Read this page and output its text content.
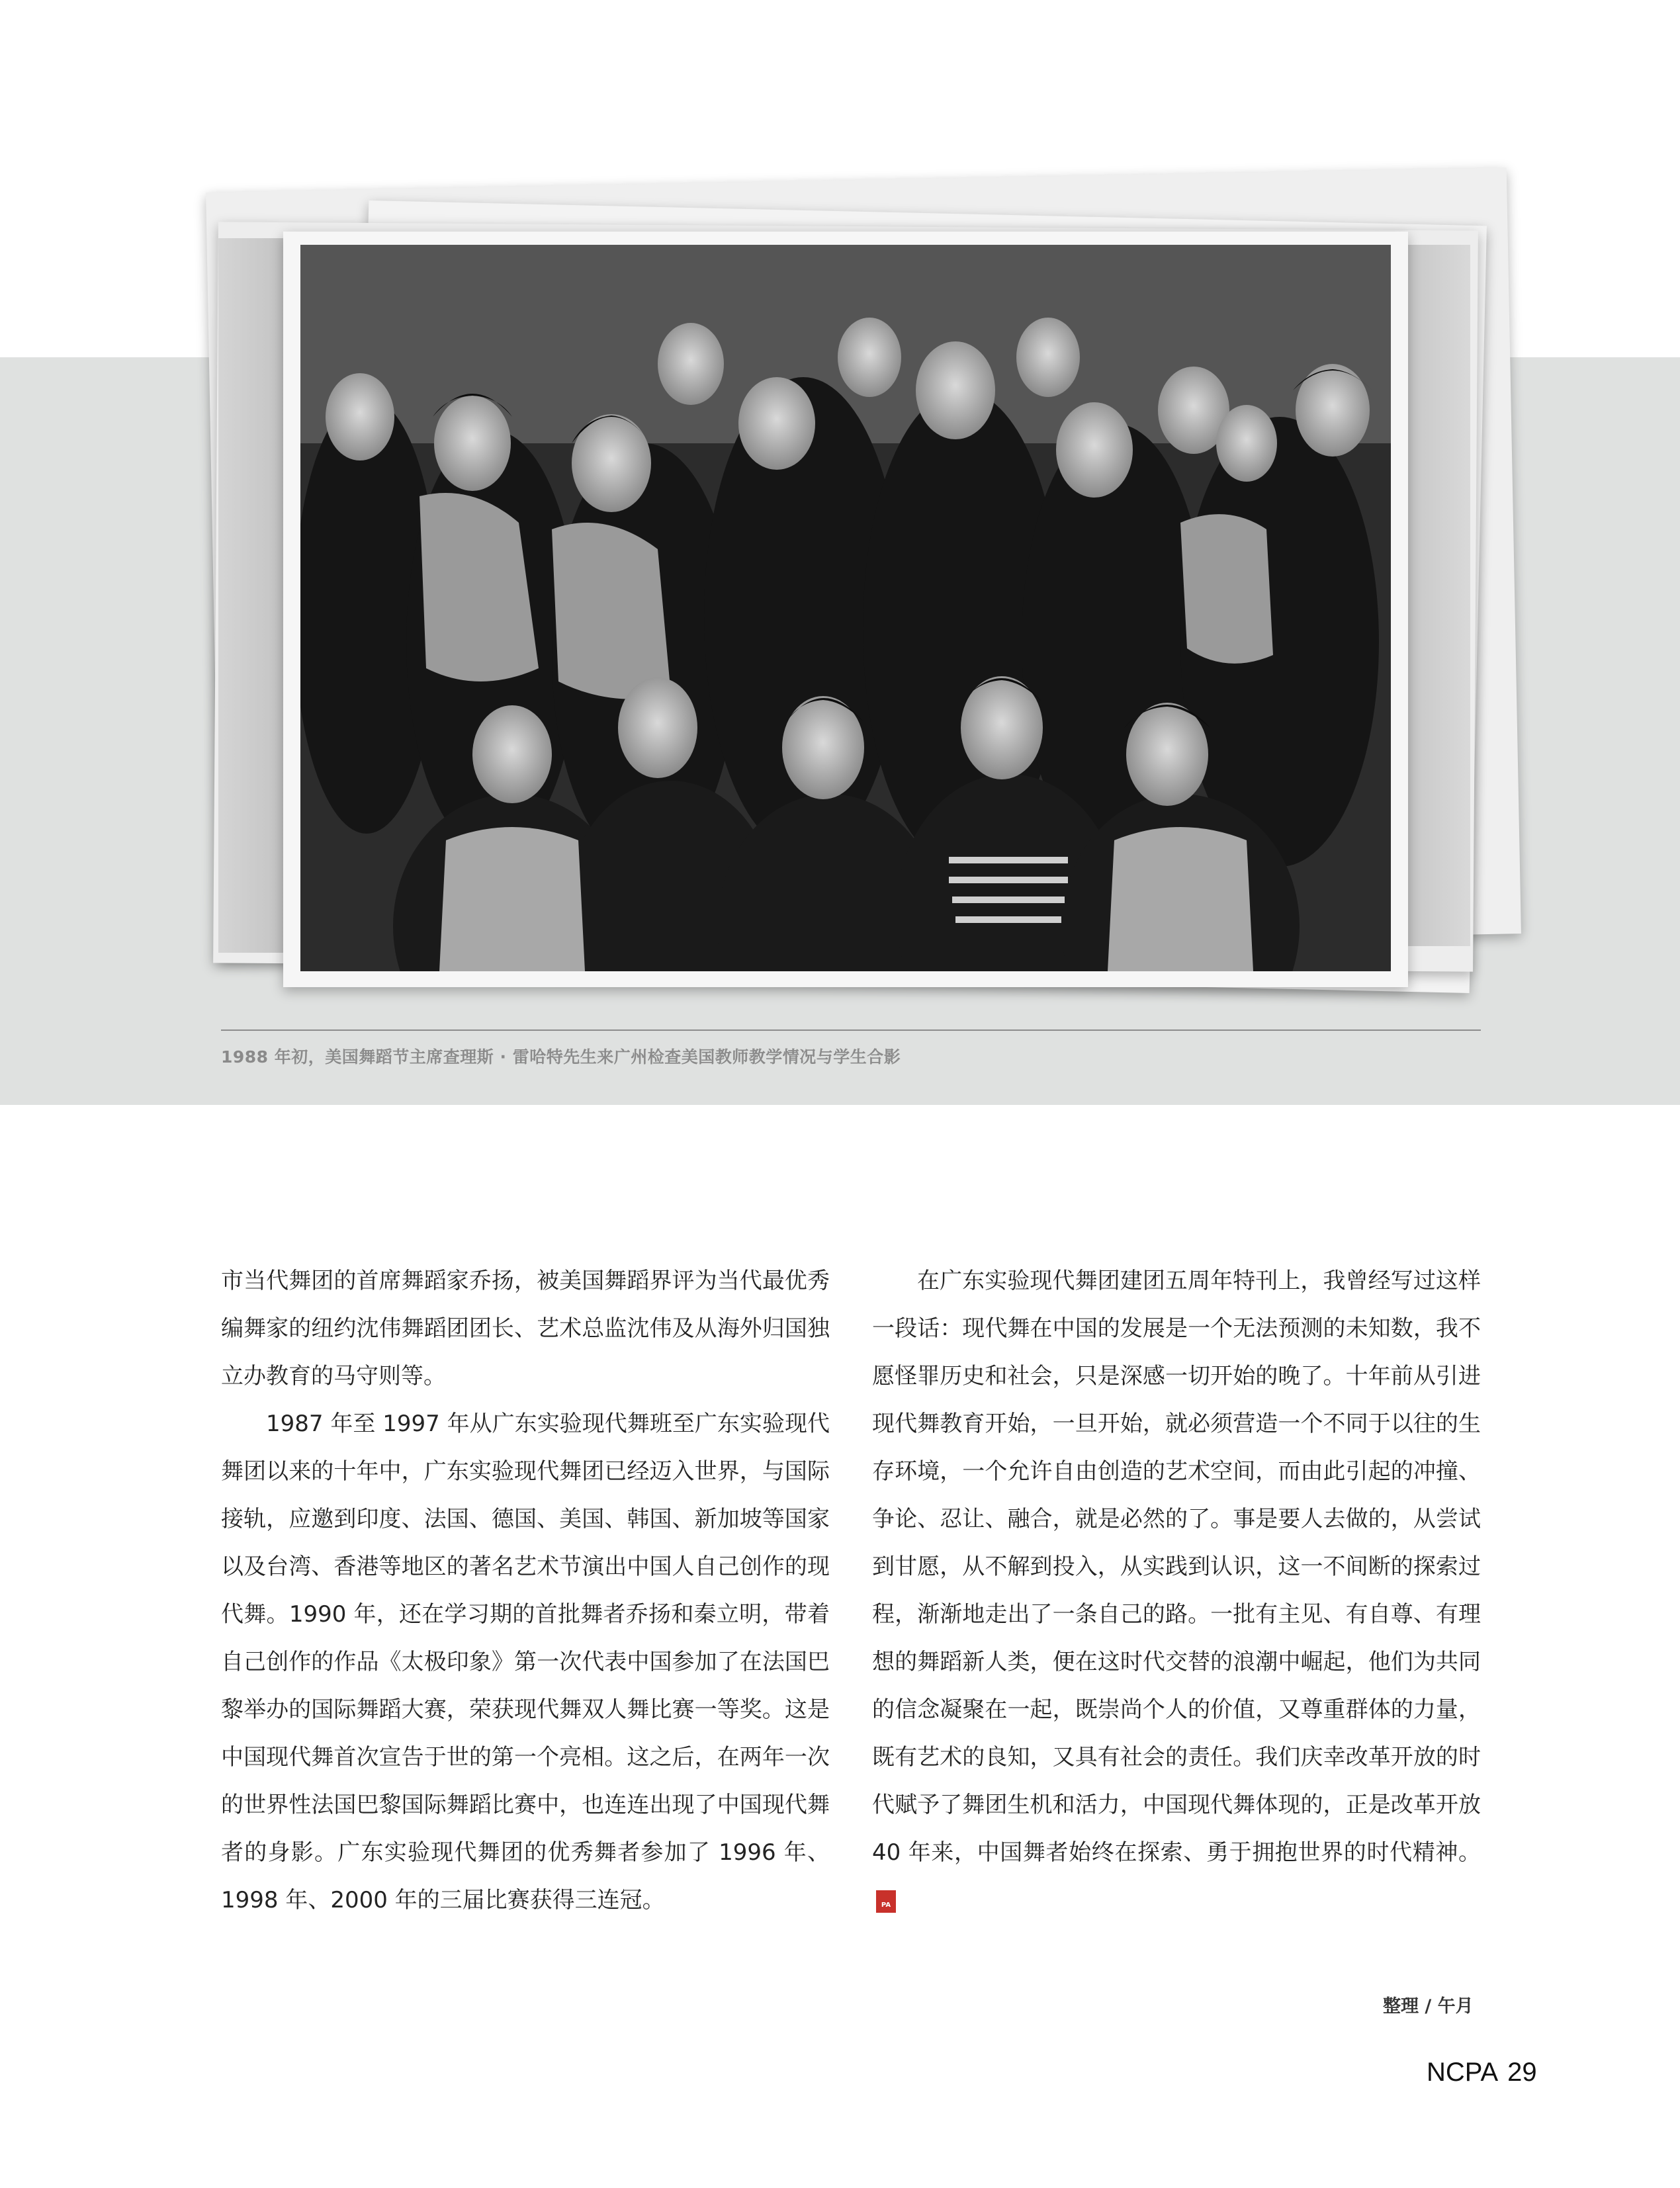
1988 年初，美国舞蹈节主席查理斯 · 雷哈特先生来广州检查美国教师教学情况与学生合影

市当代舞团的首席舞蹈家乔扬，被美国舞蹈界评为当代最优秀编舞家的纽约沈伟舞蹈团团长、艺术总监沈伟及从海外归国独立办教育的马守则等。

1987 年至 1997 年从广东实验现代舞班至广东实验现代舞团以来的十年中，广东实验现代舞团已经迈入世界，与国际接轨，应邀到印度、法国、德国、美国、韩国、新加坡等国家以及台湾、香港等地区的著名艺术节演出中国人自己创作的现代舞。1990 年，还在学习期的首批舞者乔扬和秦立明，带着自己创作的作品《太极印象》第一次代表中国参加了在法国巴黎举办的国际舞蹈大赛，荣获现代舞双人舞比赛一等奖。这是中国现代舞首次宣告于世的第一个亮相。这之后，在两年一次的世界性法国巴黎国际舞蹈比赛中，也连连出现了中国现代舞者的身影。广东实验现代舞团的优秀舞者参加了 1996 年、1998 年、2000 年的三届比赛获得三连冠。

在广东实验现代舞团建团五周年特刊上，我曾经写过这样一段话：现代舞在中国的发展是一个无法预测的未知数，我不愿怪罪历史和社会，只是深感一切开始的晚了。十年前从引进现代舞教育开始，一旦开始，就必须营造一个不同于以往的生存环境，一个允许自由创造的艺术空间，而由此引起的冲撞、争论、忍让、融合，就是必然的了。事是要人去做的，从尝试到甘愿，从不解到投入，从实践到认识，这一不间断的探索过程，渐渐地走出了一条自己的路。一批有主见、有自尊、有理想的舞蹈新人类，便在这时代交替的浪潮中崛起，他们为共同的信念凝聚在一起，既崇尚个人的价值，又尊重群体的力量，既有艺术的良知，又具有社会的责任。我们庆幸改革开放的时代赋予了舞团生机和活力，中国现代舞体现的，正是改革开放 40 年来，中国舞者始终在探索、勇于拥抱世界的时代精神。NC PA

整理 / 午月
NCPA 29
